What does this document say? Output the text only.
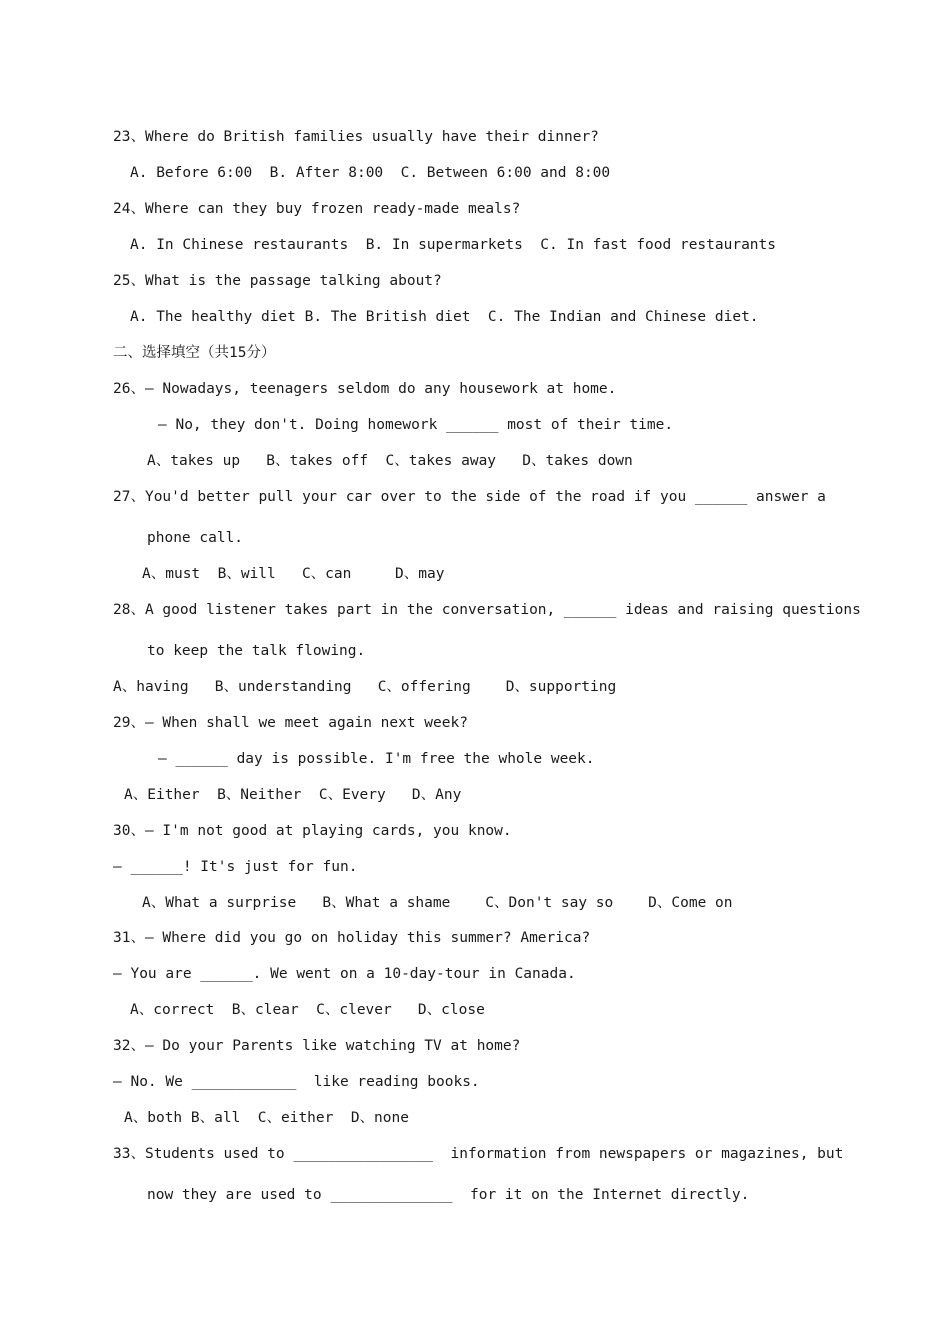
23、Where do British families usually have their dinner?
A. Before 6:00  B. After 8:00  C. Between 6:00 and 8:00
24、Where can they buy frozen ready-made meals?
A. In Chinese restaurants  B. In supermarkets  C. In fast food restaurants
25、What is the passage talking about?
A. The healthy diet B. The British diet  C. The Indian and Chinese diet.
二、选择填空（共15分）
26、— Nowadays, teenagers seldom do any housework at home.
— No, they don't. Doing homework ______ most of their time.
A、takes up   B、takes off  C、takes away   D、takes down
27、You'd better pull your car over to the side of the road if you ______ answer a
phone call.
A、must  B、will   C、can     D、may
28、A good listener takes part in the conversation, ______ ideas and raising questions
to keep the talk flowing.
A、having   B、understanding   C、offering    D、supporting
29、— When shall we meet again next week?
— ______ day is possible. I'm free the whole week.
A、Either  B、Neither  C、Every   D、Any
30、— I'm not good at playing cards, you know.
— ______! It's just for fun.
A、What a surprise   B、What a shame    C、Don't say so    D、Come on
31、— Where did you go on holiday this summer? America?
— You are ______. We went on a 10-day-tour in Canada.
A、correct  B、clear  C、clever   D、close
32、— Do your Parents like watching TV at home?
— No. We ____________  like reading books.
A、both B、all  C、either  D、none
33、Students used to ________________  information from newspapers or magazines, but
now they are used to ______________  for it on the Internet directly.
